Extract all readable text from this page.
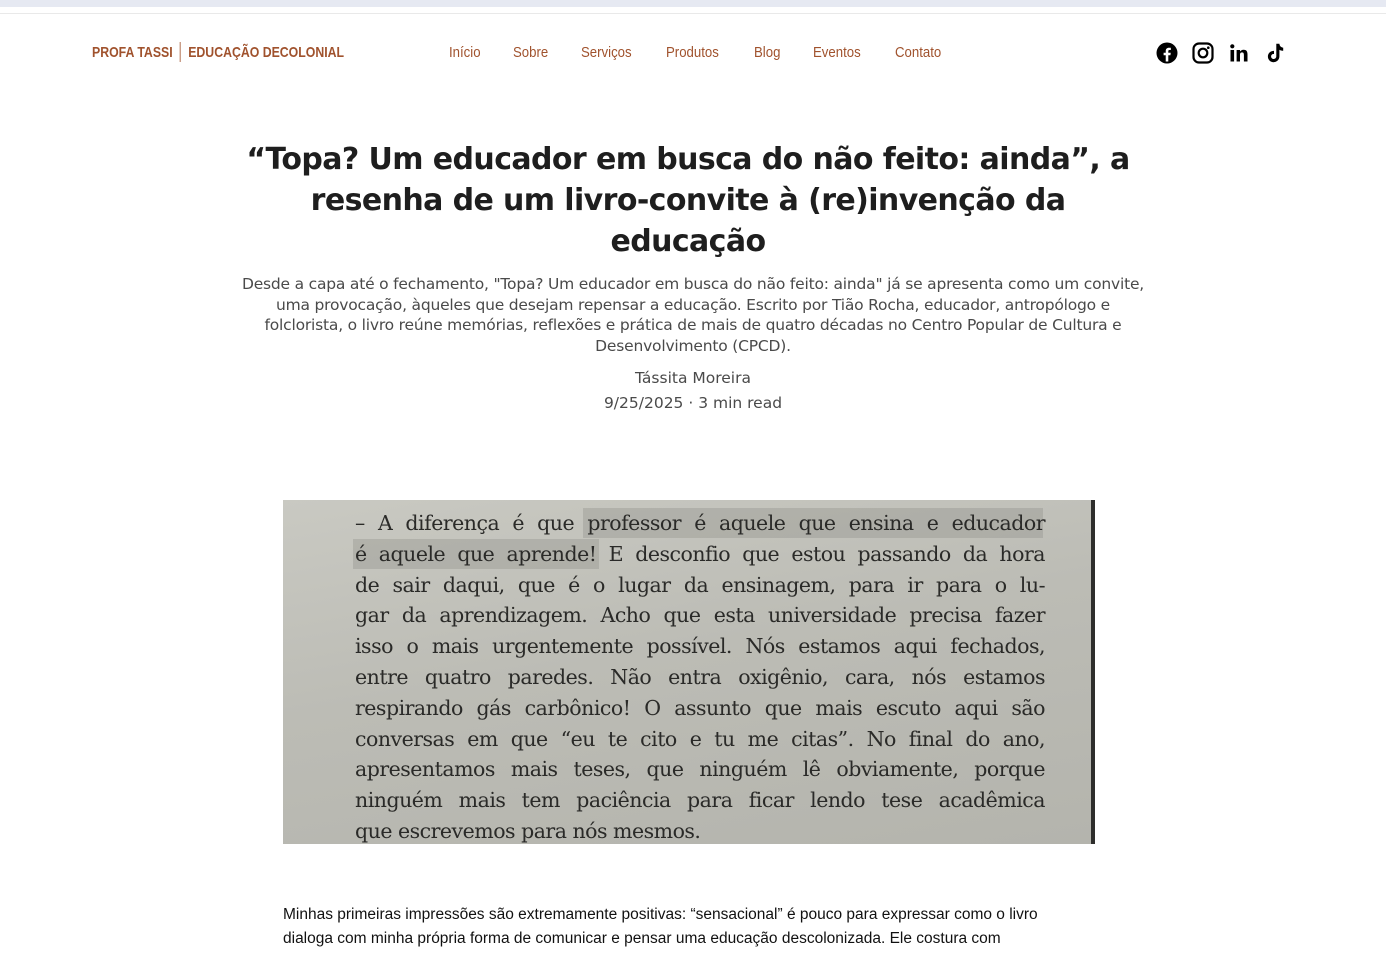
PROFA TASSI EDUCAÇÃO DECOLONIAL	Início Sobre Serviços Produtos Blog Eventos Contato
“Topa? Um educador em busca do não feito: ainda”, a resenha de um livro-convite à (re)invenção da educação

Desde a capa até o fechamento, "Topa? Um educador em busca do não feito: ainda" já se apresenta como um convite, uma provocação, àqueles que desejam repensar a educação. Escrito por Tião Rocha, educador, antropólogo e folclorista, o livro reúne memórias, reflexões e prática de mais de quatro décadas no Centro Popular de Cultura e Desenvolvimento (CPCD).

Tássita Moreira
9/25/2025 · 3 min read
– A diferença é que professor é aquele que ensina e educador
é aquele que aprende! E desconfio que estou passando da hora
de sair daqui, que é o lugar da ensinagem, para ir para o lu-
gar da aprendizagem. Acho que esta universidade precisa fazer
isso o mais urgentemente possível. Nós estamos aqui fechados,
entre quatro paredes. Não entra oxigênio, cara, nós estamos
respirando gás carbônico! O assunto que mais escuto aqui são
conversas em que “eu te cito e tu me citas”. No final do ano,
apresentamos mais teses, que ninguém lê obviamente, porque
ninguém mais tem paciência para ficar lendo tese acadêmica
que escrevemos para nós mesmos.

Minhas primeiras impressões são extremamente positivas: “sensacional” é pouco para expressar como o livro dialoga com minha própria forma de comunicar e pensar uma educação descolonizada. Ele costura com
